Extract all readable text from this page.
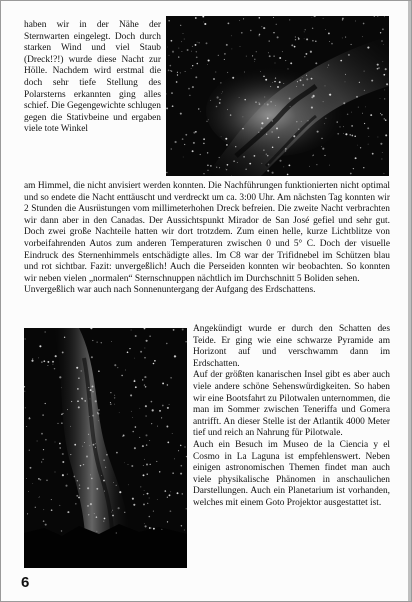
haben wir in der Nähe der Sternwarten eingelegt. Doch durch starken Wind und viel Staub (Dreck!?!) wurde diese Nacht zur Hölle. Nachdem wird erstmal die doch sehr tiefe Stellung des Polarsterns erkannten ging alles schief. Die Gegengewichte schlugen gegen die Stativbeine und ergaben viele tote Winkel

am Himmel, die nicht anvisiert werden konnten. Die Nachführungen funktionierten nicht optimal und so endete die Nacht enttäuscht und verdreckt um ca. 3:00 Uhr. Am nächsten Tag konnten wir 2 Stunden die Ausrüstungen vom millimeterhohen Dreck befreien. Die zweite Nacht verbrachten wir dann aber in den Canadas. Der Aussichtspunkt Mirador de San José gefiel und sehr gut. Doch zwei große Nachteile hatten wir dort trotzdem. Zum einen helle, kurze Lichtblitze von vorbeifahrenden Autos zum anderen Temperaturen zwischen 0 und 5° C. Doch der visuelle Eindruck des Sternenhimmels entschädigte alles. Im C8 war der Trifidnebel im Schützen blau und rot sichtbar. Fazit: unvergeßlich! Auch die Perseiden konnten wir beobachten. So konnten wir neben vielen „normalen“ Sternschnuppen nächtlich im Durchschnitt 5 Boliden sehen.

Unvergeßlich war auch nach Sonnenuntergang der Aufgang des Erdschattens.

Angekündigt wurde er durch den Schatten des Teide. Er ging wie eine schwarze Pyramide am Horizont auf und verschwamm dann im Erdschatten.

Auf der größten kanarischen Insel gibt es aber auch viele andere schöne Sehenswürdigkeiten. So haben wir eine Bootsfahrt zu Pilotwalen unternommen, die man im Sommer zwischen Teneriffa und Gomera antrifft. An dieser Stelle ist der Atlantik 4000 Meter tief und reich an Nahrung für Pilotwale.

Auch ein Besuch im Museo de la Ciencia y el Cosmo in La Laguna ist empfehlenswert. Neben einigen astronomischen Themen findet man auch viele physikalische Phänomen in anschaulichen Darstellungen. Auch ein Planetarium ist vorhanden, welches mit einem Goto Projektor ausgestattet ist.

6
